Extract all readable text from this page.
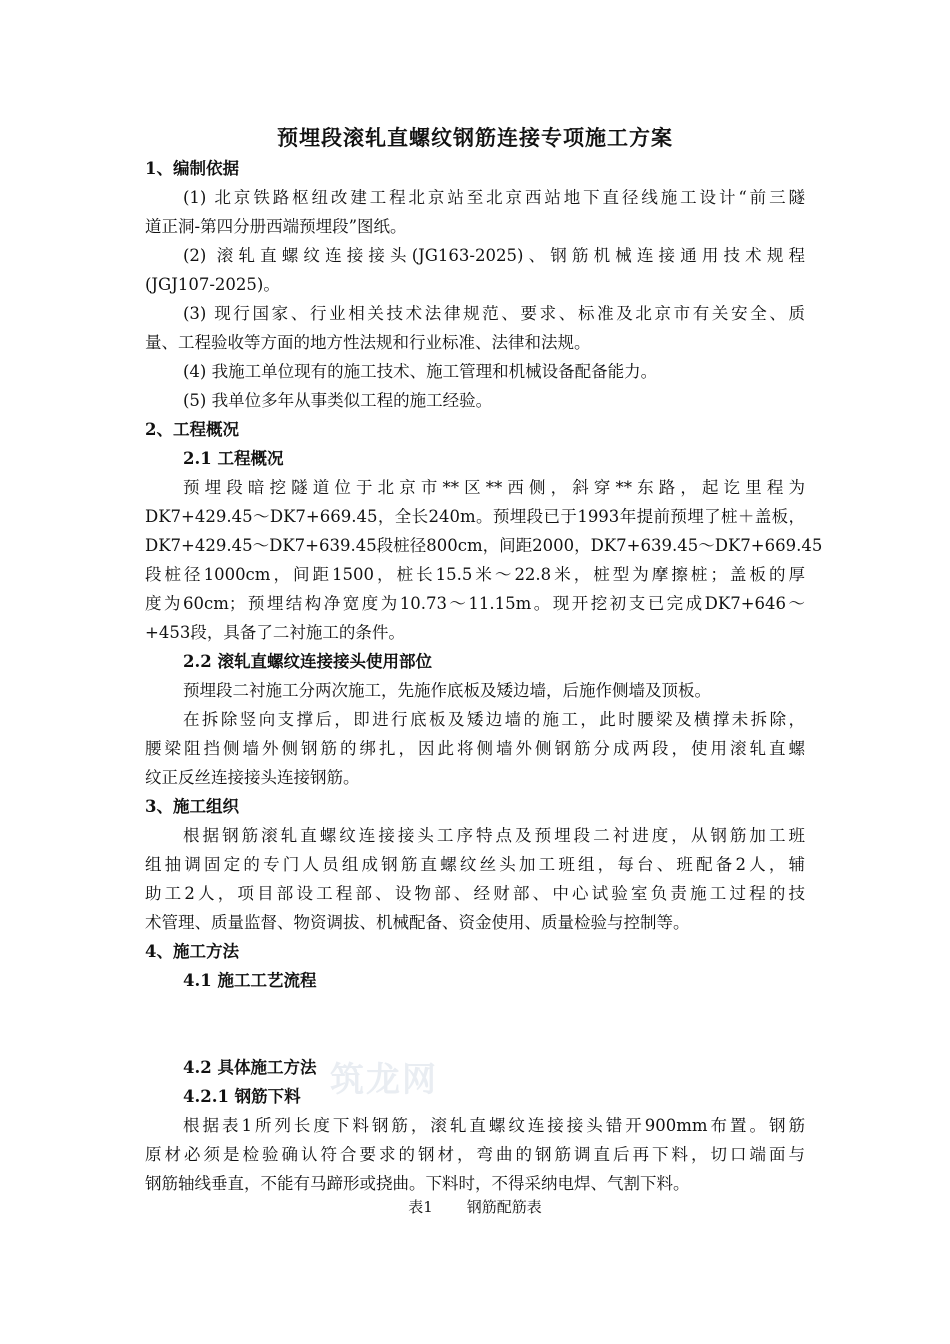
筑龙网
预埋段滚轧直螺纹钢筋连接专项施工方案
1、编制依据
(1) 北京铁路枢纽改建工程北京站至北京西站地下直径线施工设计“前三隧
道正洞-第四分册西端预埋段”图纸。
(2) 滚轧直螺纹连接接头(JG163-2025)、钢筋机械连接通用技术规程
(JGJ107-2025)。
(3) 现行国家、行业相关技术法律规范、要求、标准及北京市有关安全、质
量、工程验收等方面的地方性法规和行业标准、法律和法规。
(4) 我施工单位现有的施工技术、施工管理和机械设备配备能力。
(5) 我单位多年从事类似工程的施工经验。
2、工程概况
2.1 工程概况
预埋段暗挖隧道位于北京市**区**西侧，斜穿**东路，起讫里程为
DK7+429.45～DK7+669.45，全长240m。预埋段已于1993年提前预埋了桩＋盖板，
DK7+429.45～DK7+639.45段桩径800cm，间距2000，DK7+639.45～DK7+669.45
段桩径1000cm，间距1500，桩长15.5米～22.8米，桩型为摩擦桩；盖板的厚
度为60cm；预埋结构净宽度为10.73～11.15m。现开挖初支已完成DK7+646～
+453段，具备了二衬施工的条件。
2.2 滚轧直螺纹连接接头使用部位
预埋段二衬施工分两次施工，先施作底板及矮边墙，后施作侧墙及顶板。
在拆除竖向支撑后，即进行底板及矮边墙的施工，此时腰梁及横撑未拆除，
腰梁阻挡侧墙外侧钢筋的绑扎，因此将侧墙外侧钢筋分成两段，使用滚轧直螺
纹正反丝连接接头连接钢筋。
3、施工组织
根据钢筋滚轧直螺纹连接接头工序特点及预埋段二衬进度，从钢筋加工班
组抽调固定的专门人员组成钢筋直螺纹丝头加工班组，每台、班配备2人，辅
助工2人，项目部设工程部、设物部、经财部、中心试验室负责施工过程的技
术管理、质量监督、物资调拔、机械配备、资金使用、质量检验与控制等。
4、施工方法
4.1 施工工艺流程
4.2 具体施工方法
4.2.1 钢筋下料
根据表1所列长度下料钢筋，滚轧直螺纹连接接头错开900mm布置。钢筋
原材必须是检验确认符合要求的钢材，弯曲的钢筋调直后再下料，切口端面与
钢筋轴线垂直，不能有马蹄形或挠曲。下料时，不得采纳电焊、气割下料。
表1 钢筋配筋表
